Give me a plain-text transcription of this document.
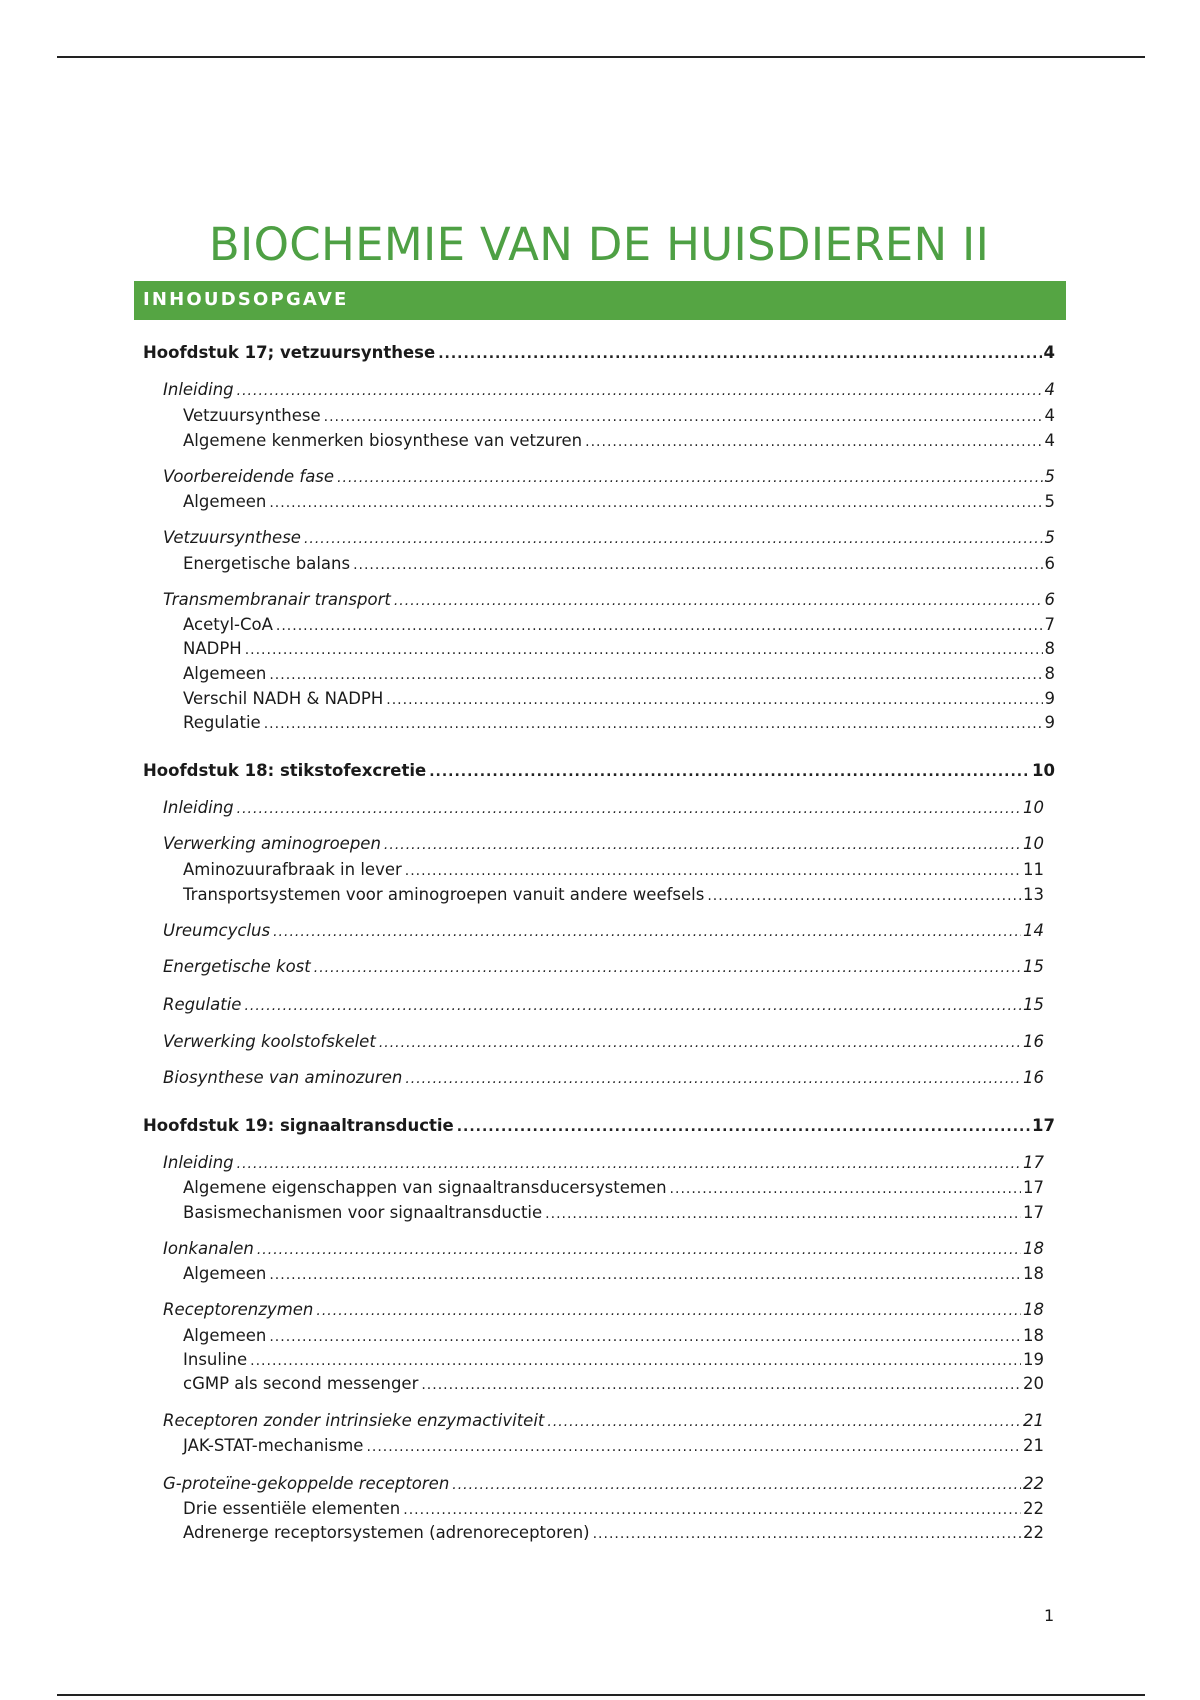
BIOCHEMIE VAN DE HUISDIEREN II
INHOUDSOPGAVE
Hoofdstuk 17; vetzuursynthese .....	4
Inleiding .....	4
Vetzuursynthese .....	4
Algemene kenmerken biosynthese van vetzuren .....	4
Voorbereidende fase .....	5
Algemeen .....	5
Vetzuursynthese .....	5
Energetische balans .....	6
Transmembranair transport .....	6
Acetyl-CoA .....	7
NADPH .....	8
Algemeen .....	8
Verschil NADH & NADPH .....	9
Regulatie .....	9
Hoofdstuk 18: stikstofexcretie .....	10
Inleiding .....	10
Verwerking aminogroepen .....	10
Aminozuurafbraak in lever .....	11
Transportsystemen voor aminogroepen vanuit andere weefsels .....	13
Ureumcyclus .....	14
Energetische kost .....	15
Regulatie .....	15
Verwerking koolstofskelet .....	16
Biosynthese van aminozuren .....	16
Hoofdstuk 19: signaaltransductie .....	17
Inleiding .....	17
Algemene eigenschappen van signaaltransducersystemen .....	17
Basismechanismen voor signaaltransductie .....	17
Ionkanalen .....	18
Algemeen .....	18
Receptorenzymen .....	18
Algemeen .....	18
Insuline .....	19
cGMP als second messenger .....	20
Receptoren zonder intrinsieke enzymactiviteit .....	21
JAK-STAT-mechanisme .....	21
G-proteïne-gekoppelde receptoren .....	22
Drie essentiële elementen .....	22
Adrenerge receptorsystemen (adrenoreceptoren) .....	22
1
